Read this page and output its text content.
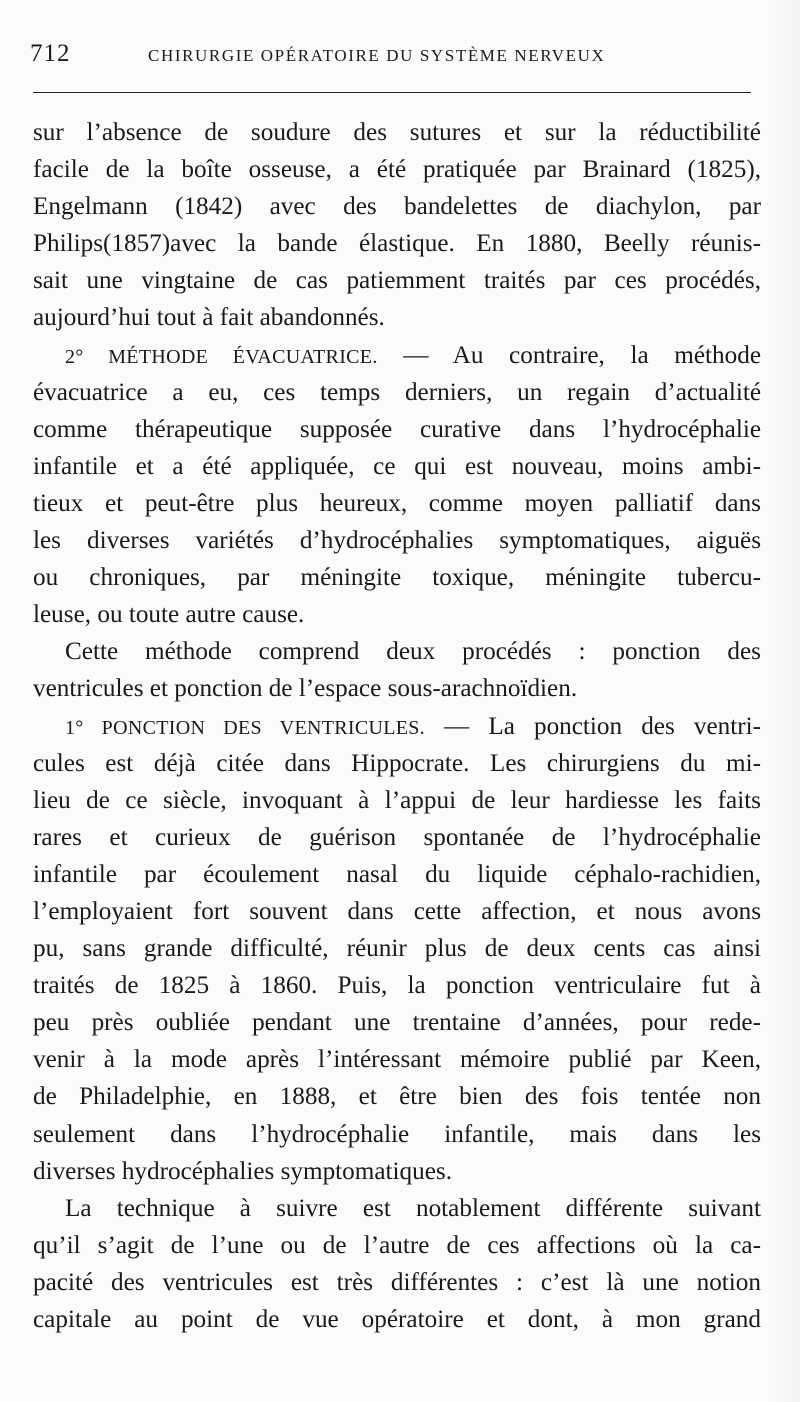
712	CHIRURGIE OPÉRATOIRE DU SYSTÈME NERVEUX
sur l’absence de soudure des sutures et sur la réductibilité
facile de la boîte osseuse, a été pratiquée par Brainard (1825),
Engelmann (1842) avec des bandelettes de diachylon, par
Philips(1857)avec la bande élastique. En 1880, Beelly réunis-
sait une vingtaine de cas patiemment traités par ces procédés,
aujourd’hui tout à fait abandonnés.
2° MÉTHODE ÉVACUATRICE. — Au contraire, la méthode
évacuatrice a eu, ces temps derniers, un regain d’actualité
comme thérapeutique supposée curative dans l’hydrocéphalie
infantile et a été appliquée, ce qui est nouveau, moins ambi-
tieux et peut-être plus heureux, comme moyen palliatif dans
les diverses variétés d’hydrocéphalies symptomatiques, aiguës
ou chroniques, par méningite toxique, méningite tubercu-
leuse, ou toute autre cause.
Cette méthode comprend deux procédés : ponction des
ventricules et ponction de l’espace sous-arachnoïdien.
1° PONCTION DES VENTRICULES. — La ponction des ventri-
cules est déjà citée dans Hippocrate. Les chirurgiens du mi-
lieu de ce siècle, invoquant à l’appui de leur hardiesse les faits
rares et curieux de guérison spontanée de l’hydrocéphalie
infantile par écoulement nasal du liquide céphalo-rachidien,
l’employaient fort souvent dans cette affection, et nous avons
pu, sans grande difficulté, réunir plus de deux cents cas ainsi
traités de 1825 à 1860. Puis, la ponction ventriculaire fut à
peu près oubliée pendant une trentaine d’années, pour rede-
venir à la mode après l’intéressant mémoire publié par Keen,
de Philadelphie, en 1888, et être bien des fois tentée non
seulement dans l’hydrocéphalie infantile, mais dans les
diverses hydrocéphalies symptomatiques.
La technique à suivre est notablement différente suivant
qu’il s’agit de l’une ou de l’autre de ces affections où la ca-
pacité des ventricules est très différentes : c’est là une notion
capitale au point de vue opératoire et dont, à mon grand
